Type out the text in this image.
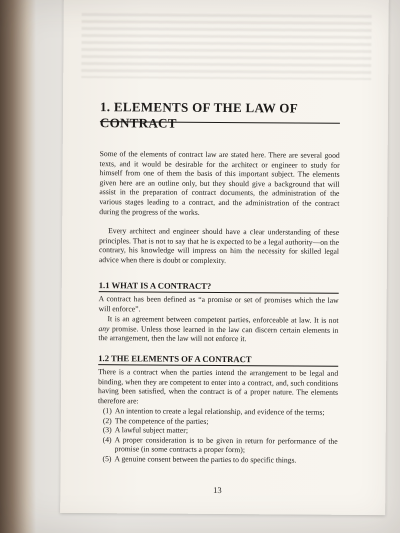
1. ELEMENTS OF THE LAW OF CONTRACT

Some of the elements of contract law are stated here. There are several good texts, and it would be desirable for the architect or engineer to study for himself from one of them the basis of this important subject. The elements given here are an outline only, but they should give a background that will assist in the preparation of contract documents, the administration of the various stages leading to a contract, and the administration of the contract during the progress of the works.

Every architect and engineer should have a clear understanding of these principles. That is not to say that he is expected to be a legal authority—on the contrary, his knowledge will impress on him the necessity for skilled legal advice when there is doubt or complexity.

1.1 WHAT IS A CONTRACT?

A contract has been defined as “a promise or set of promises which the law will enforce”.

It is an agreement between competent parties, enforceable at law. It is not any promise. Unless those learned in the law can discern certain elements in the arrangement, then the law will not enforce it.

1.2 THE ELEMENTS OF A CONTRACT

There is a contract when the parties intend the arrangement to be legal and binding, when they are competent to enter into a contract, and, such conditions having been satisfied, when the contract is of a proper nature. The elements therefore are:

(1) An intention to create a legal relationship, and evidence of the terms;
(2) The competence of the parties;
(3) A lawful subject matter;
(4) A proper consideration is to be given in return for performance of the promise (in some contracts a proper form);
(5) A genuine consent between the parties to do specific things.
13
